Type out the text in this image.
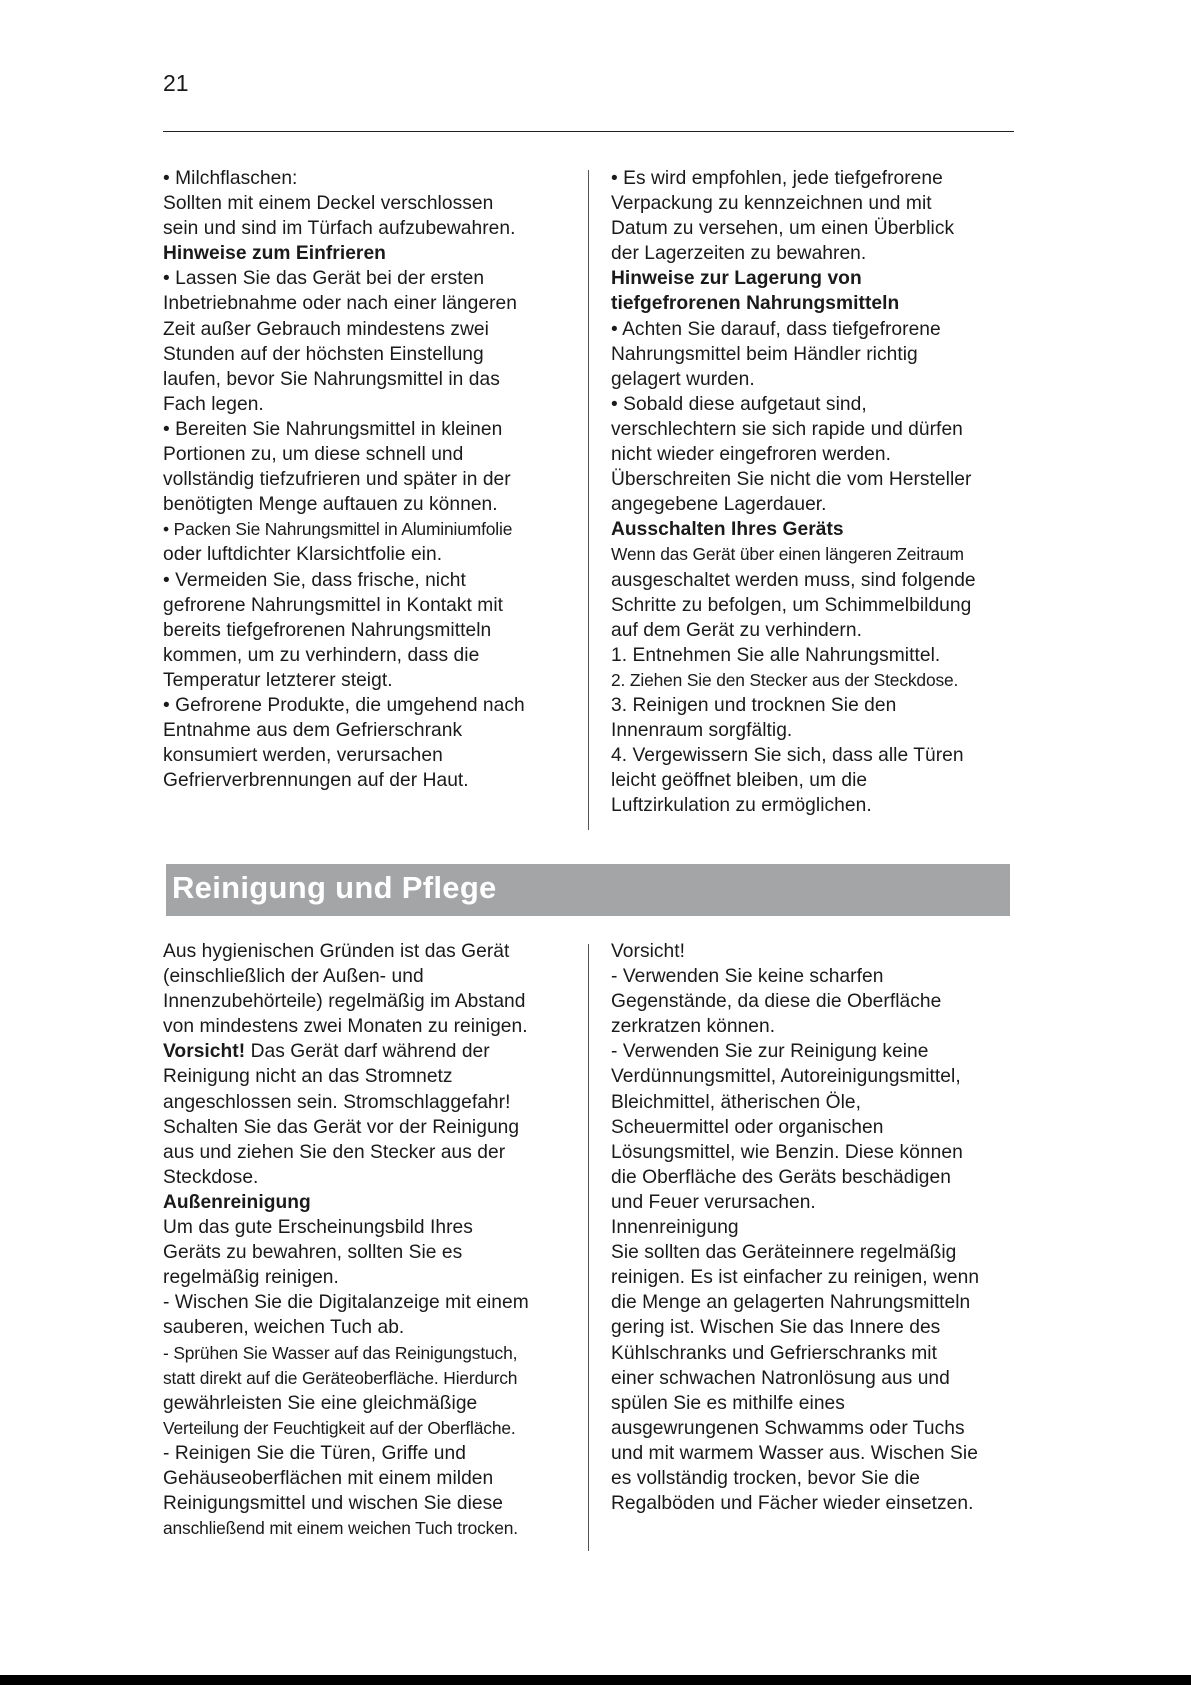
21
• Milchflaschen:
Sollten mit einem Deckel verschlossen
sein und sind im Türfach aufzubewahren.
Hinweise zum Einfrieren
• Lassen Sie das Gerät bei der ersten
Inbetriebnahme oder nach einer längeren
Zeit außer Gebrauch mindestens zwei
Stunden auf der höchsten Einstellung
laufen, bevor Sie Nahrungsmittel in das
Fach legen.
• Bereiten Sie Nahrungsmittel in kleinen
Portionen zu, um diese schnell und
vollständig tiefzufrieren und später in der
benötigten Menge auftauen zu können.
• Packen Sie Nahrungsmittel in Aluminiumfolie
oder luftdichter Klarsichtfolie ein.
• Vermeiden Sie, dass frische, nicht
gefrorene Nahrungsmittel in Kontakt mit
bereits tiefgefrorenen Nahrungsmitteln
kommen, um zu verhindern, dass die
Temperatur letzterer steigt.
• Gefrorene Produkte, die umgehend nach
Entnahme aus dem Gefrierschrank
konsumiert werden, verursachen
Gefrierverbrennungen auf der Haut.
• Es wird empfohlen, jede tiefgefrorene
Verpackung zu kennzeichnen und mit
Datum zu versehen, um einen Überblick
der Lagerzeiten zu bewahren.
Hinweise zur Lagerung von
tiefgefrorenen Nahrungsmitteln
• Achten Sie darauf, dass tiefgefrorene
Nahrungsmittel beim Händler richtig
gelagert wurden.
• Sobald diese aufgetaut sind,
verschlechtern sie sich rapide und dürfen
nicht wieder eingefroren werden.
Überschreiten Sie nicht die vom Hersteller
angegebene Lagerdauer.
Ausschalten Ihres Geräts
Wenn das Gerät über einen längeren Zeitraum
ausgeschaltet werden muss, sind folgende
Schritte zu befolgen, um Schimmelbildung
auf dem Gerät zu verhindern.
1. Entnehmen Sie alle Nahrungsmittel.
2. Ziehen Sie den Stecker aus der Steckdose.
3. Reinigen und trocknen Sie den
Innenraum sorgfältig.
4. Vergewissern Sie sich, dass alle Türen
leicht geöffnet bleiben, um die
Luftzirkulation zu ermöglichen.
Reinigung und Pflege
Aus hygienischen Gründen ist das Gerät
(einschließlich der Außen- und
Innenzubehörteile) regelmäßig im Abstand
von mindestens zwei Monaten zu reinigen.
Vorsicht! Das Gerät darf während der
Reinigung nicht an das Stromnetz
angeschlossen sein. Stromschlaggefahr!
Schalten Sie das Gerät vor der Reinigung
aus und ziehen Sie den Stecker aus der
Steckdose.
Außenreinigung
Um das gute Erscheinungsbild Ihres
Geräts zu bewahren, sollten Sie es
regelmäßig reinigen.
- Wischen Sie die Digitalanzeige mit einem
sauberen, weichen Tuch ab.
- Sprühen Sie Wasser auf das Reinigungstuch,
statt direkt auf die Geräteoberfläche. Hierdurch
gewährleisten Sie eine gleichmäßige
Verteilung der Feuchtigkeit auf der Oberfläche.
- Reinigen Sie die Türen, Griffe und
Gehäuseoberflächen mit einem milden
Reinigungsmittel und wischen Sie diese
anschließend mit einem weichen Tuch trocken.
Vorsicht!
- Verwenden Sie keine scharfen
Gegenstände, da diese die Oberfläche
zerkratzen können.
- Verwenden Sie zur Reinigung keine
Verdünnungsmittel, Autoreinigungsmittel,
Bleichmittel, ätherischen Öle,
Scheuermittel oder organischen
Lösungsmittel, wie Benzin. Diese können
die Oberfläche des Geräts beschädigen
und Feuer verursachen.
Innenreinigung
Sie sollten das Geräteinnere regelmäßig
reinigen. Es ist einfacher zu reinigen, wenn
die Menge an gelagerten Nahrungsmitteln
gering ist. Wischen Sie das Innere des
Kühlschranks und Gefrierschranks mit
einer schwachen Natronlösung aus und
spülen Sie es mithilfe eines
ausgewrungenen Schwamms oder Tuchs
und mit warmem Wasser aus. Wischen Sie
es vollständig trocken, bevor Sie die
Regalböden und Fächer wieder einsetzen.
